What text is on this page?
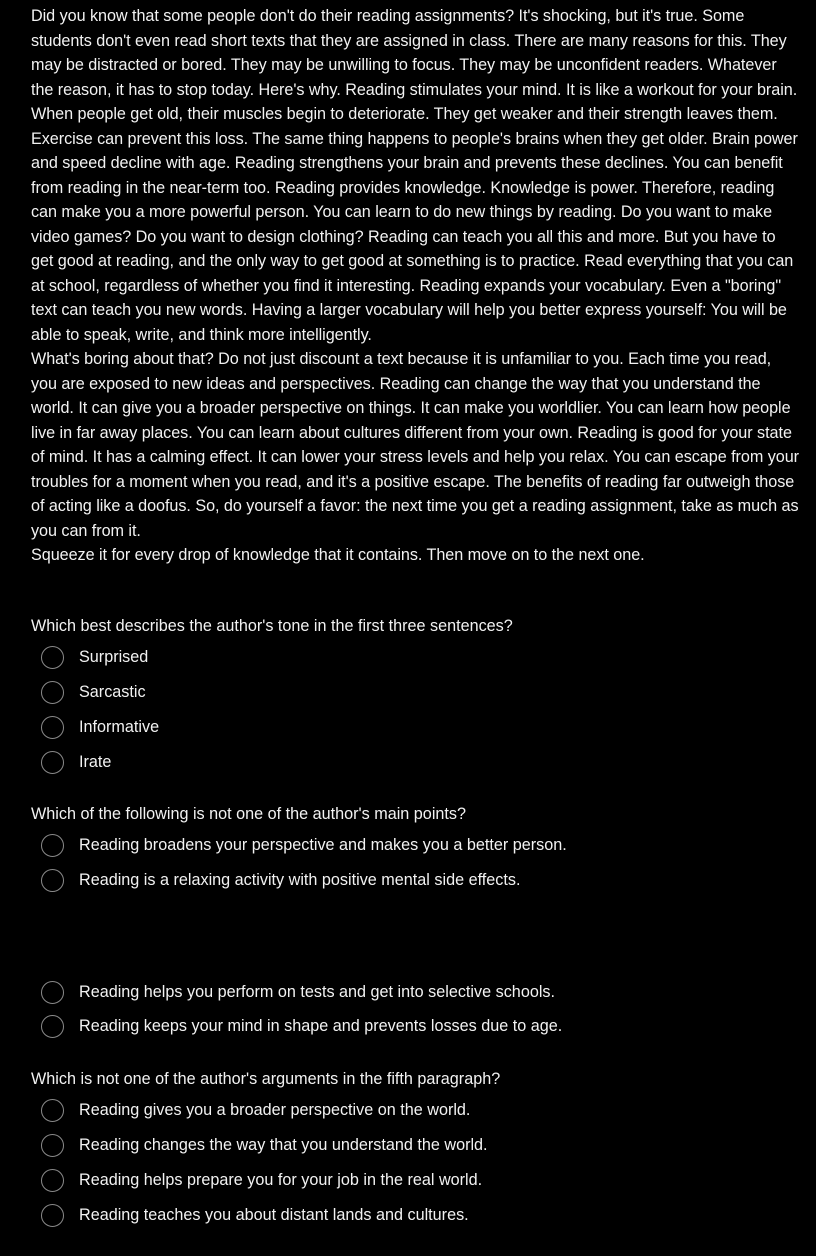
Did you know that some people don't do their reading assignments? It's shocking, but it's true. Some students don't even read short texts that they are assigned in class. There are many reasons for this. They may be distracted or bored. They may be unwilling to focus. They may be unconfident readers. Whatever the reason, it has to stop today. Here's why. Reading stimulates your mind. It is like a workout for your brain. When people get old, their muscles begin to deteriorate. They get weaker and their strength leaves them. Exercise can prevent this loss. The same thing happens to people's brains when they get older. Brain power and speed decline with age. Reading strengthens your brain and prevents these declines. You can benefit from reading in the near-term too. Reading provides knowledge. Knowledge is power. Therefore, reading can make you a more powerful person. You can learn to do new things by reading. Do you want to make video games? Do you want to design clothing? Reading can teach you all this and more. But you have to get good at reading, and the only way to get good at something is to practice. Read everything that you can at school, regardless of whether you find it interesting. Reading expands your vocabulary. Even a "boring" text can teach you new words. Having a larger vocabulary will help you better express yourself: You will be able to speak, write, and think more intelligently.

What's boring about that? Do not just discount a text because it is unfamiliar to you. Each time you read, you are exposed to new ideas and perspectives. Reading can change the way that you understand the world. It can give you a broader perspective on things. It can make you worldlier. You can learn how people live in far away places. You can learn about cultures different from your own. Reading is good for your state of mind. It has a calming effect. It can lower your stress levels and help you relax. You can escape from your troubles for a moment when you read, and it's a positive escape. The benefits of reading far outweigh those of acting like a doofus. So, do yourself a favor: the next time you get a reading assignment, take as much as you can from it.

Squeeze it for every drop of knowledge that it contains. Then move on to the next one.

Which best describes the author's tone in the first three sentences?

Surprised
Sarcastic
Informative
Irate

Which of the following is not one of the author's main points?

Reading broadens your perspective and makes you a better person.
Reading is a relaxing activity with positive mental side effects.
Reading helps you perform on tests and get into selective schools.
Reading keeps your mind in shape and prevents losses due to age.

Which is not one of the author's arguments in the fifth paragraph?

Reading gives you a broader perspective on the world.
Reading changes the way that you understand the world.
Reading helps prepare you for your job in the real world.
Reading teaches you about distant lands and cultures.
